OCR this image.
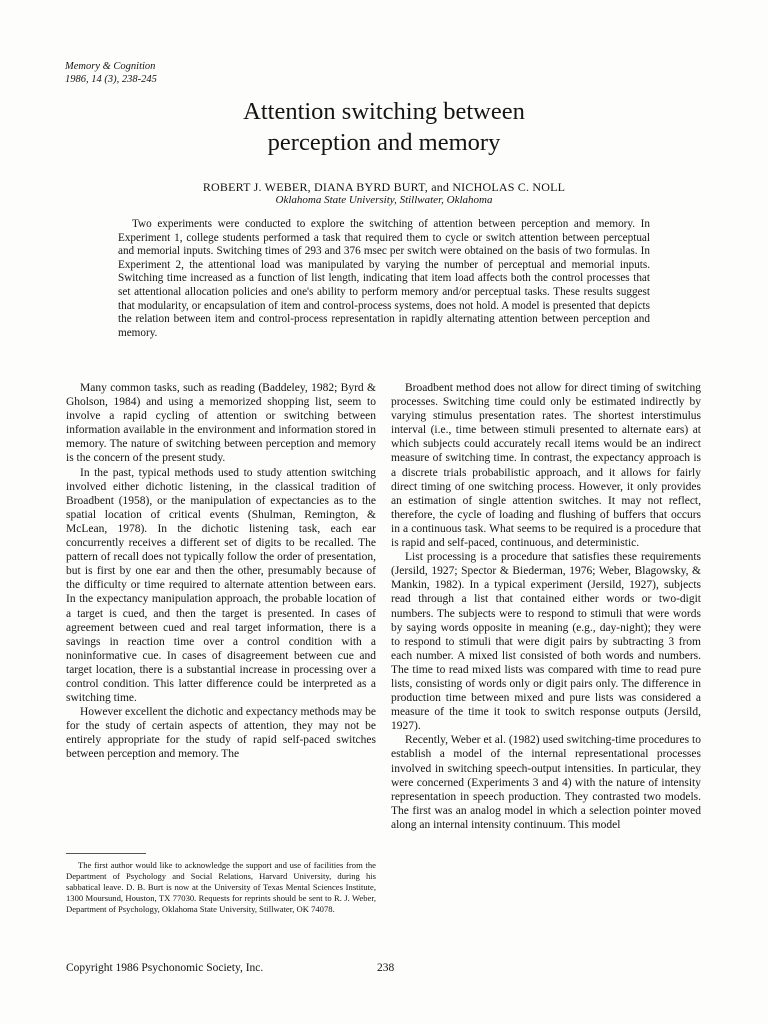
Memory & Cognition
1986, 14 (3), 238-245
Attention switching between
perception and memory
ROBERT J. WEBER, DIANA BYRD BURT, and NICHOLAS C. NOLL
Oklahoma State University, Stillwater, Oklahoma

Two experiments were conducted to explore the switching of attention between perception and memory. In Experiment 1, college students performed a task that required them to cycle or switch attention between perceptual and memorial inputs. Switching times of 293 and 376 msec per switch were obtained on the basis of two formulas. In Experiment 2, the attentional load was manipulated by varying the number of perceptual and memorial inputs. Switching time increased as a function of list length, indicating that item load affects both the control processes that set attentional allocation policies and one's ability to perform memory and/or perceptual tasks. These results suggest that modularity, or encapsulation of item and control-process systems, does not hold. A model is presented that depicts the relation between item and control-process representation in rapidly alternating attention between perception and memory.

Many common tasks, such as reading (Baddeley, 1982; Byrd & Gholson, 1984) and using a memorized shopping list, seem to involve a rapid cycling of attention or switching between information available in the environment and information stored in memory. The nature of switching between perception and memory is the concern of the present study.

In the past, typical methods used to study attention switching involved either dichotic listening, in the classical tradition of Broadbent (1958), or the manipulation of expectancies as to the spatial location of critical events (Shulman, Remington, & McLean, 1978). In the dichotic listening task, each ear concurrently receives a different set of digits to be recalled. The pattern of recall does not typically follow the order of presentation, but is first by one ear and then the other, presumably because of the difficulty or time required to alternate attention between ears. In the expectancy manipulation approach, the probable location of a target is cued, and then the target is presented. In cases of agreement between cued and real target information, there is a savings in reaction time over a control condition with a noninformative cue. In cases of disagreement between cue and target location, there is a substantial increase in processing over a control condition. This latter difference could be interpreted as a switching time.

However excellent the dichotic and expectancy methods may be for the study of certain aspects of attention, they may not be entirely appropriate for the study of rapid self-paced switches between perception and memory. The

The first author would like to acknowledge the support and use of facilities from the Department of Psychology and Social Relations, Harvard University, during his sabbatical leave. D. B. Burt is now at the University of Texas Mental Sciences Institute, 1300 Moursund, Houston, TX 77030. Requests for reprints should be sent to R. J. Weber, Department of Psychology, Oklahoma State University, Stillwater, OK 74078.

Broadbent method does not allow for direct timing of switching processes. Switching time could only be estimated indirectly by varying stimulus presentation rates. The shortest interstimulus interval (i.e., time between stimuli presented to alternate ears) at which subjects could accurately recall items would be an indirect measure of switching time. In contrast, the expectancy approach is a discrete trials probabilistic approach, and it allows for fairly direct timing of one switching process. However, it only provides an estimation of single attention switches. It may not reflect, therefore, the cycle of loading and flushing of buffers that occurs in a continuous task. What seems to be required is a procedure that is rapid and self-paced, continuous, and deterministic.

List processing is a procedure that satisfies these requirements (Jersild, 1927; Spector & Biederman, 1976; Weber, Blagowsky, & Mankin, 1982). In a typical experiment (Jersild, 1927), subjects read through a list that contained either words or two-digit numbers. The subjects were to respond to stimuli that were words by saying words opposite in meaning (e.g., day-night); they were to respond to stimuli that were digit pairs by subtracting 3 from each number. A mixed list consisted of both words and numbers. The time to read mixed lists was compared with time to read pure lists, consisting of words only or digit pairs only. The difference in production time between mixed and pure lists was considered a measure of the time it took to switch response outputs (Jersild, 1927).

Recently, Weber et al. (1982) used switching-time procedures to establish a model of the internal representational processes involved in switching speech-output intensities. In particular, they were concerned (Experiments 3 and 4) with the nature of intensity representation in speech production. They contrasted two models. The first was an analog model in which a selection pointer moved along an internal intensity continuum. This model

Copyright 1986 Psychonomic Society, Inc.	238
